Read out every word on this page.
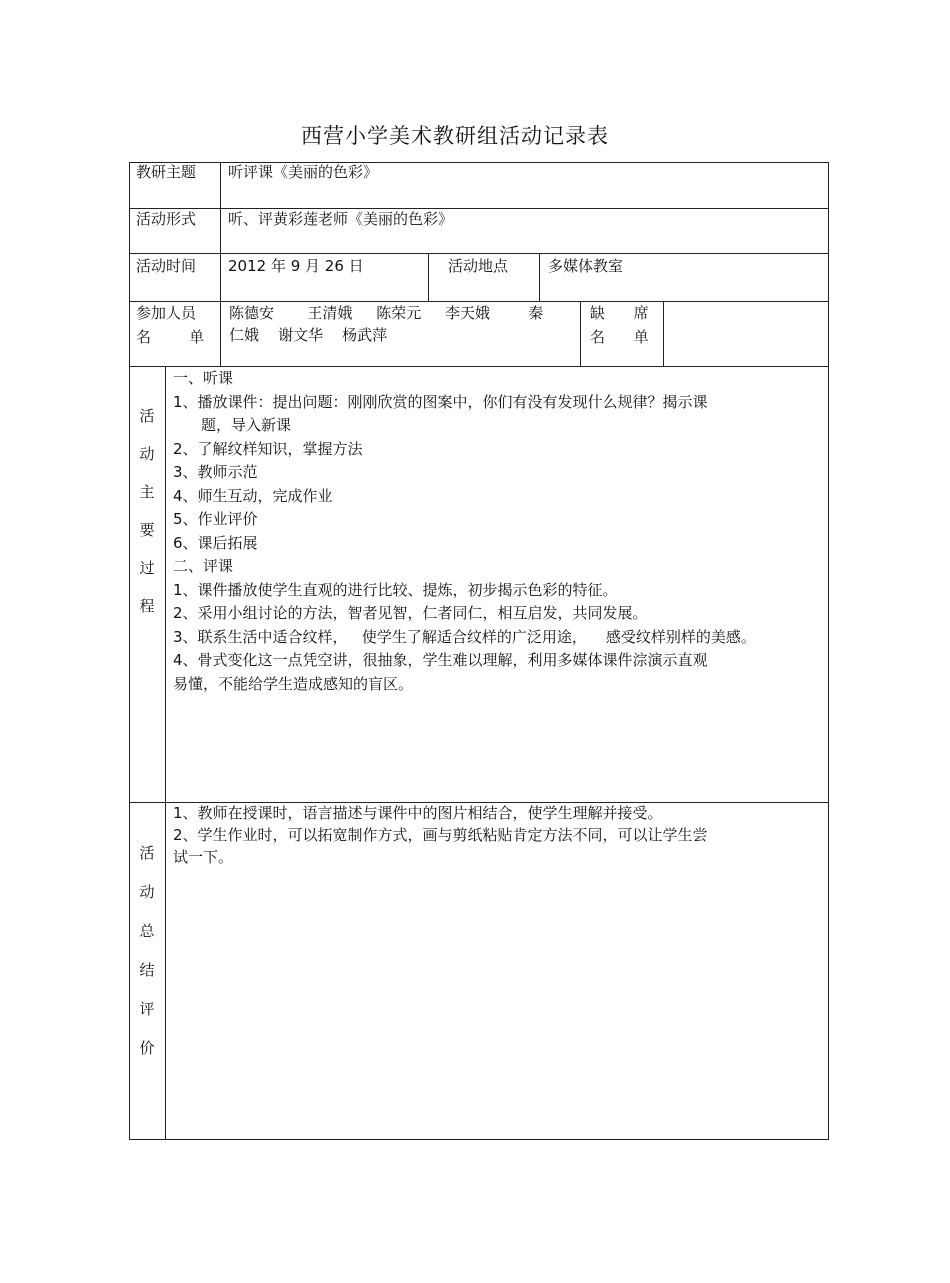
西营小学美术教研组活动记录表
教研主题 听评课《美丽的色彩》
活动形式 听、评黄彩莲老师《美丽的色彩》
活动时间 2012 年 9 月 26 日	活动地点	多媒体教室
参加人员
名        单
陈德安       王清娥     陈荣元     李天娥        秦
仁娥    谢文华    杨武萍
缺      席
名      单
活
动
主
要
过
程
一、听课
1、播放课件：提出问题：刚刚欣赏的图案中，你们有没有发现什么规律？揭示课
题，导入新课
2、了解纹样知识，掌握方法
3、教师示范
4、师生互动，完成作业
5、作业评价
6、课后拓展
二、评课
1、课件播放使学生直观的进行比较、提炼，初步揭示色彩的特征。
2、采用小组讨论的方法，智者见智，仁者同仁，相互启发，共同发展。
3、联系生活中适合纹样，   使学生了解适合纹样的广泛用途，    感受纹样别样的美感。
4、骨式变化这一点凭空讲，很抽象，学生难以理解，利用多媒体课件淙演示直观
易懂，不能给学生造成感知的盲区。
活
动
总
结
评
价
1、教师在授课时，语言描述与课件中的图片相结合，使学生理解并接受。
2、学生作业时，可以拓宽制作方式，画与剪纸粘贴肯定方法不同，可以让学生尝
试一下。
